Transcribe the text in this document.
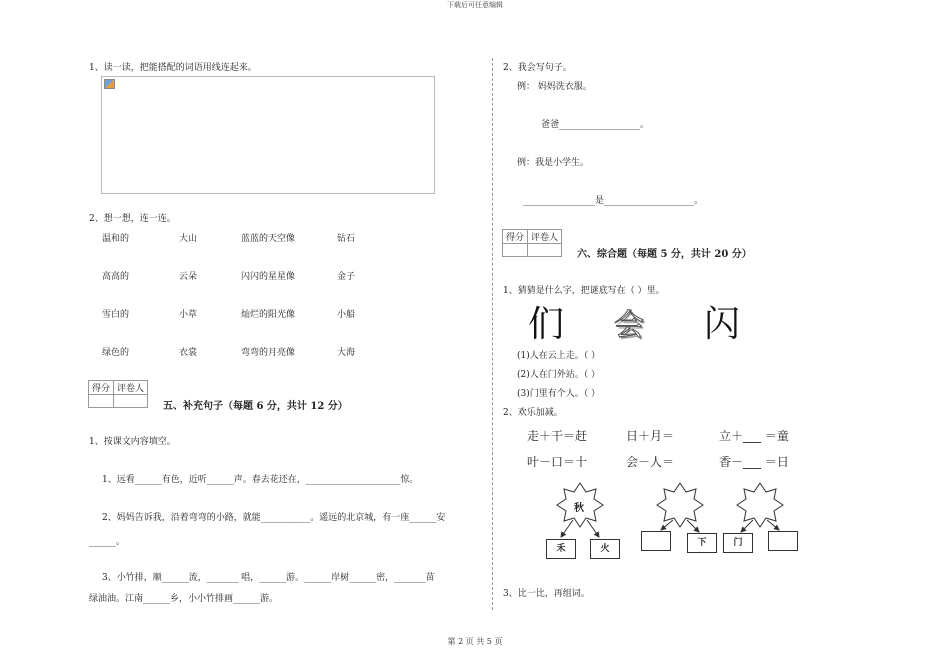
下载后可任意编辑
1、读一读，把能搭配的词语用线连起来。
2、想一想，连一连。
温和的	大山	蓝蓝的天空像	钻石
高高的	云朵	闪闪的星星像	金子
雪白的	小草	灿烂的阳光像	小船
绿色的	衣裳	弯弯的月亮像	大海
得分	评卷人

五、补充句子（每题 6 分，共计 12 分）
1、按课文内容填空。
1、远看______有色，近听______声。春去花还在，_____________________惊。
2、妈妈告诉我，沿着弯弯的小路，就能___________。遥远的北京城，有一座______安
______。
3、小竹排，顺______流，_______ 唱，______游。______岸树______密，_______苗
绿油油。江南______乡，小小竹排画______游。
2、我会写句子。
例： 妈妈洗衣服。
爸爸__________________。
例：我是小学生。
________________是____________________。
得分	评卷人

六、综合题（每题 5 分，共计 20 分）
1、猜猜是什么字，把谜底写在（ ）里。
们 会 闪
(1)人在云上走。（ ）
(2)人在门外站。（ ）
(3)门里有个人。（ ）
2、欢乐加减。
走＋干＝赶	日＋月＝	立＋___ ＝童
叶－口＝十	会－人＝	香－___ ＝日
秋
禾	火
下	门
3、比一比，再组词。
第 2 页 共 5 页
